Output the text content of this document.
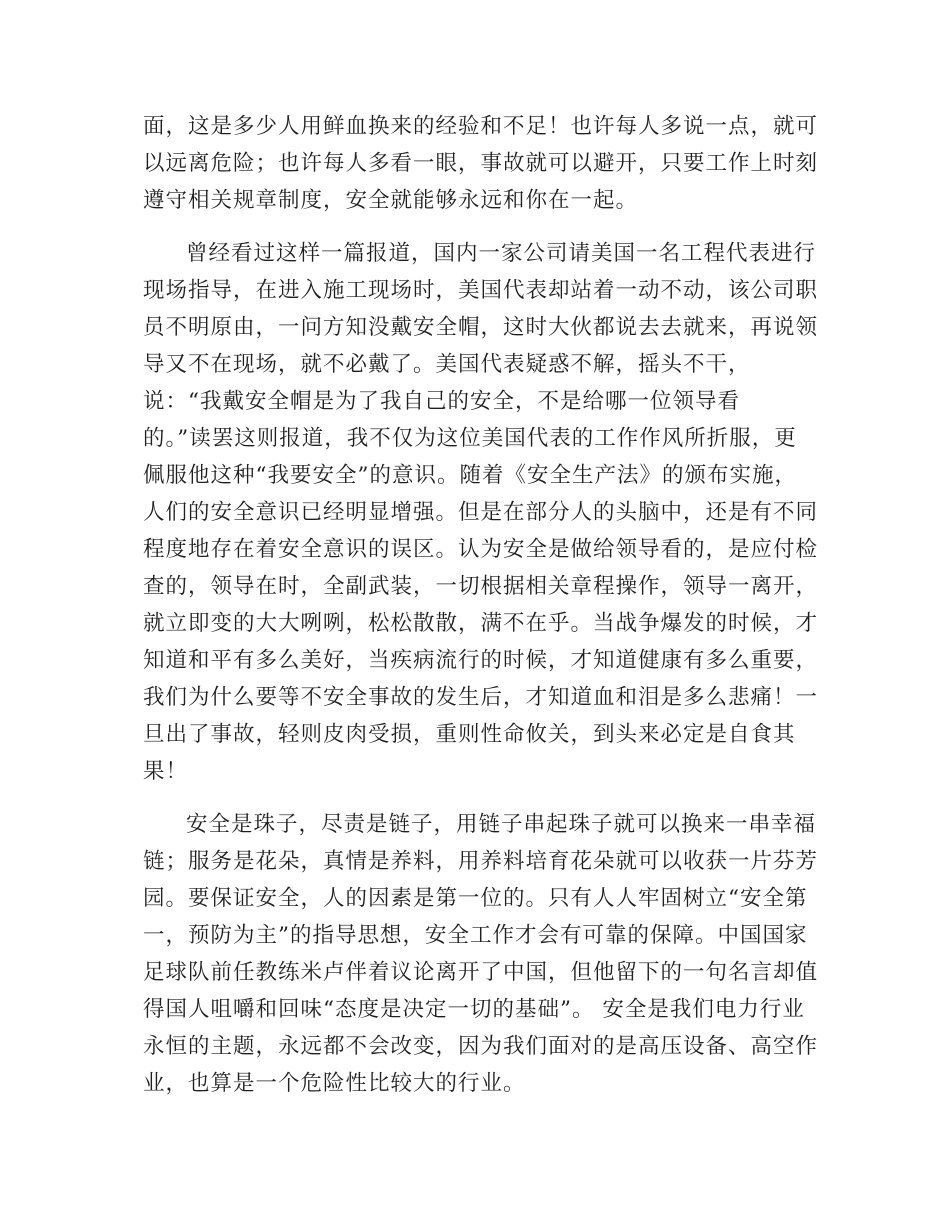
面，这是多少人用鲜血换来的经验和不足！也许每人多说一点，就可
以远离危险；也许每人多看一眼，事故就可以避开，只要工作上时刻
遵守相关规章制度，安全就能够永远和你在一起。
曾经看过这样一篇报道，国内一家公司请美国一名工程代表进行
现场指导，在进入施工现场时，美国代表却站着一动不动，该公司职
员不明原由，一问方知没戴安全帽，这时大伙都说去去就来，再说领
导又不在现场，就不必戴了。美国代表疑惑不解，摇头不干，
说：“我戴安全帽是为了我自己的安全，不是给哪一位领导看
的。”读罢这则报道，我不仅为这位美国代表的工作作风所折服，更
佩服他这种“我要安全”的意识。随着《安全生产法》的颁布实施，
人们的安全意识已经明显增强。但是在部分人的头脑中，还是有不同
程度地存在着安全意识的误区。认为安全是做给领导看的，是应付检
查的，领导在时，全副武装，一切根据相关章程操作，领导一离开，
就立即变的大大咧咧，松松散散，满不在乎。当战争爆发的时候，才
知道和平有多么美好，当疾病流行的时候，才知道健康有多么重要，
我们为什么要等不安全事故的发生后，才知道血和泪是多么悲痛！一
旦出了事故，轻则皮肉受损，重则性命攸关，到头来必定是自食其
果！
安全是珠子，尽责是链子，用链子串起珠子就可以换来一串幸福
链；服务是花朵，真情是养料，用养料培育花朵就可以收获一片芬芳
园。要保证安全，人的因素是第一位的。只有人人牢固树立“安全第
一，预防为主”的指导思想，安全工作才会有可靠的保障。中国国家
足球队前任教练米卢伴着议论离开了中国，但他留下的一句名言却值
得国人咀嚼和回味“态度是决定一切的基础”。 安全是我们电力行业
永恒的主题，永远都不会改变，因为我们面对的是高压设备、高空作
业，也算是一个危险性比较大的行业。
